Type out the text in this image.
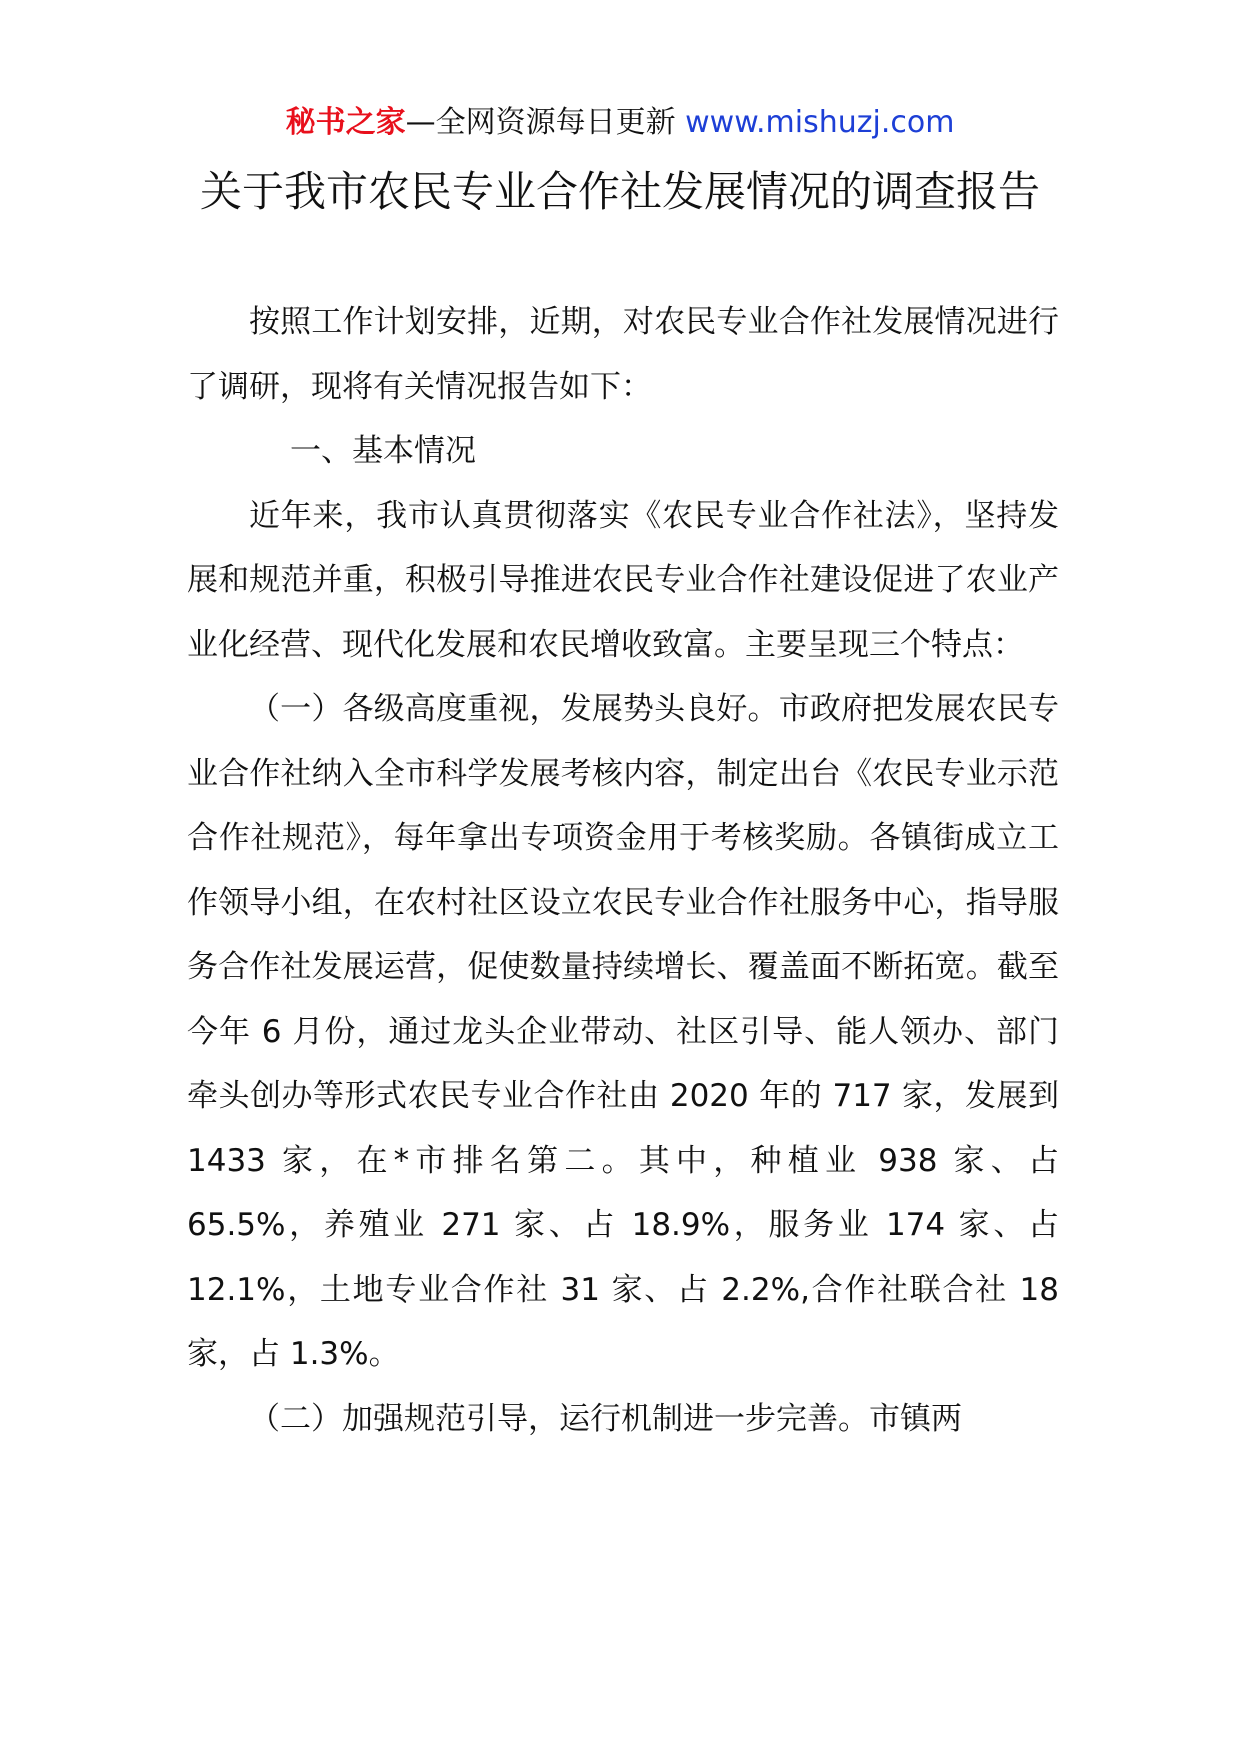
秘书之家—全网资源每日更新 www.mishuzj.com
关于我市农民专业合作社发展情况的调查报告

按照工作计划安排，近期，对农民专业合作社发展情况进行了调研，现将有关情况报告如下：

一、基本情况

近年来，我市认真贯彻落实《农民专业合作社法》，坚持发展和规范并重，积极引导推进农民专业合作社建设促进了农业产业化经营、现代化发展和农民增收致富。主要呈现三个特点：

（一）各级高度重视，发展势头良好。市政府把发展农民专业合作社纳入全市科学发展考核内容，制定出台《农民专业示范合作社规范》，每年拿出专项资金用于考核奖励。各镇街成立工作领导小组，在农村社区设立农民专业合作社服务中心，指导服务合作社发展运营，促使数量持续增长、覆盖面不断拓宽。截至今年 6 月份，通过龙头企业带动、社区引导、能人领办、部门牵头创办等形式农民专业合作社由 2020 年的 717 家，发展到 1433 家，在*市排名第二。其中，种植业 938 家、占 65.5%，养殖业 271 家、占 18.9%，服务业 174 家、占 12.1%，土地专业合作社 31 家、占 2.2%,合作社联合社 18 家，占 1.3%。

（二）加强规范引导，运行机制进一步完善。市镇两
